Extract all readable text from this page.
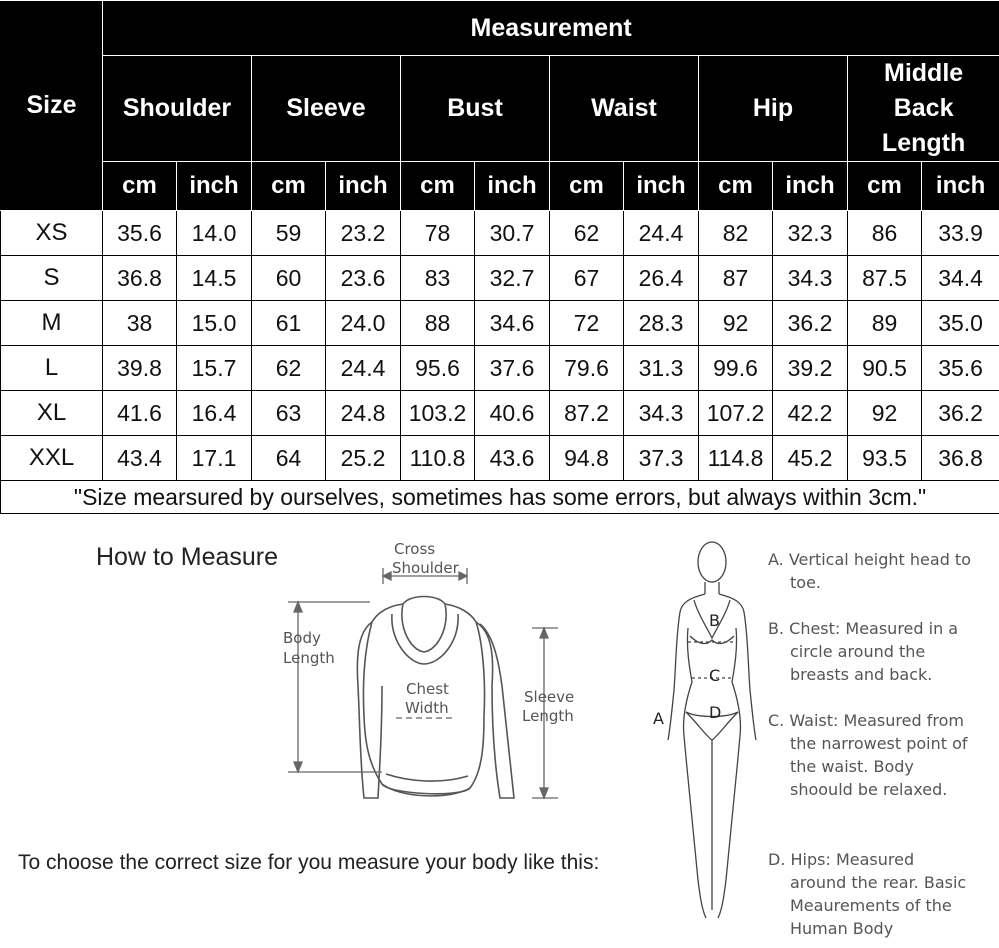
Size	Measurement											
	Shoulder		Sleeve		Bust		Waist		Hip		Middle Back Length	
	cm	inch	cm	inch	cm	inch	cm	inch	cm	inch	cm	inch
XS	35.6	14.0	59	23.2	78	30.7	62	24.4	82	32.3	86	33.9
S	36.8	14.5	60	23.6	83	32.7	67	26.4	87	34.3	87.5	34.4
M	38	15.0	61	24.0	88	34.6	72	28.3	92	36.2	89	35.0
L	39.8	15.7	62	24.4	95.6	37.6	79.6	31.3	99.6	39.2	90.5	35.6
XL	41.6	16.4	63	24.8	103.2	40.6	87.2	34.3	107.2	42.2	92	36.2
XXL	43.4	17.1	64	25.2	110.8	43.6	94.8	37.3	114.8	45.2	93.5	36.8
"Size mearsured by ourselves, sometimes has some errors, but always within 3cm."												
How to Measure	Cross
Shoulder
Body
Length
Chest
Width
Sleeve
Length
To choose the correct size for you measure your body like this:
B
C
D
A
A. Vertical height head to toe.
B. Chest: Measured in a circle around the breasts and back.
C. Waist: Measured from the narrowest point of the waist. Body shoould be relaxed.
D. Hips: Measured around the rear. Basic Meaurements of the Human Body
